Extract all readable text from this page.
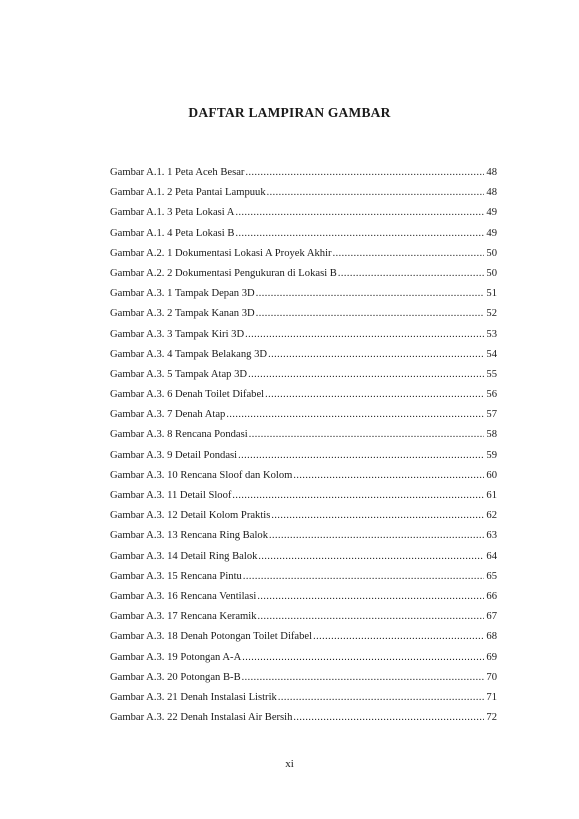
DAFTAR LAMPIRAN GAMBAR
Gambar A.1. 1 Peta Aceh Besar .....	48
Gambar A.1. 2 Peta Pantai Lampuuk .....	48
Gambar A.1. 3 Peta Lokasi A .....	49
Gambar A.1. 4 Peta Lokasi B .....	49
Gambar A.2. 1 Dokumentasi Lokasi A Proyek Akhir .....	50
Gambar A.2. 2 Dokumentasi Pengukuran di Lokasi B .....	50
Gambar A.3. 1 Tampak Depan 3D .....	51
Gambar A.3. 2 Tampak Kanan 3D .....	52
Gambar A.3. 3 Tampak Kiri 3D .....	53
Gambar A.3. 4 Tampak Belakang 3D .....	54
Gambar A.3. 5 Tampak Atap 3D .....	55
Gambar A.3. 6 Denah Toilet Difabel .....	56
Gambar A.3. 7 Denah Atap .....	57
Gambar A.3. 8 Rencana Pondasi .....	58
Gambar A.3. 9 Detail Pondasi .....	59
Gambar A.3. 10 Rencana Sloof dan Kolom .....	60
Gambar A.3. 11 Detail Sloof .....	61
Gambar A.3. 12 Detail Kolom Praktis .....	62
Gambar A.3. 13 Rencana Ring Balok .....	63
Gambar A.3. 14 Detail Ring Balok .....	64
Gambar A.3. 15 Rencana Pintu .....	65
Gambar A.3. 16 Rencana Ventilasi .....	66
Gambar A.3. 17 Rencana Keramik .....	67
Gambar A.3. 18 Denah Potongan Toilet Difabel .....	68
Gambar A.3. 19 Potongan A-A .....	69
Gambar A.3. 20 Potongan B-B .....	70
Gambar A.3. 21 Denah Instalasi Listrik .....	71
Gambar A.3. 22 Denah Instalasi Air Bersih .....	72
xi
